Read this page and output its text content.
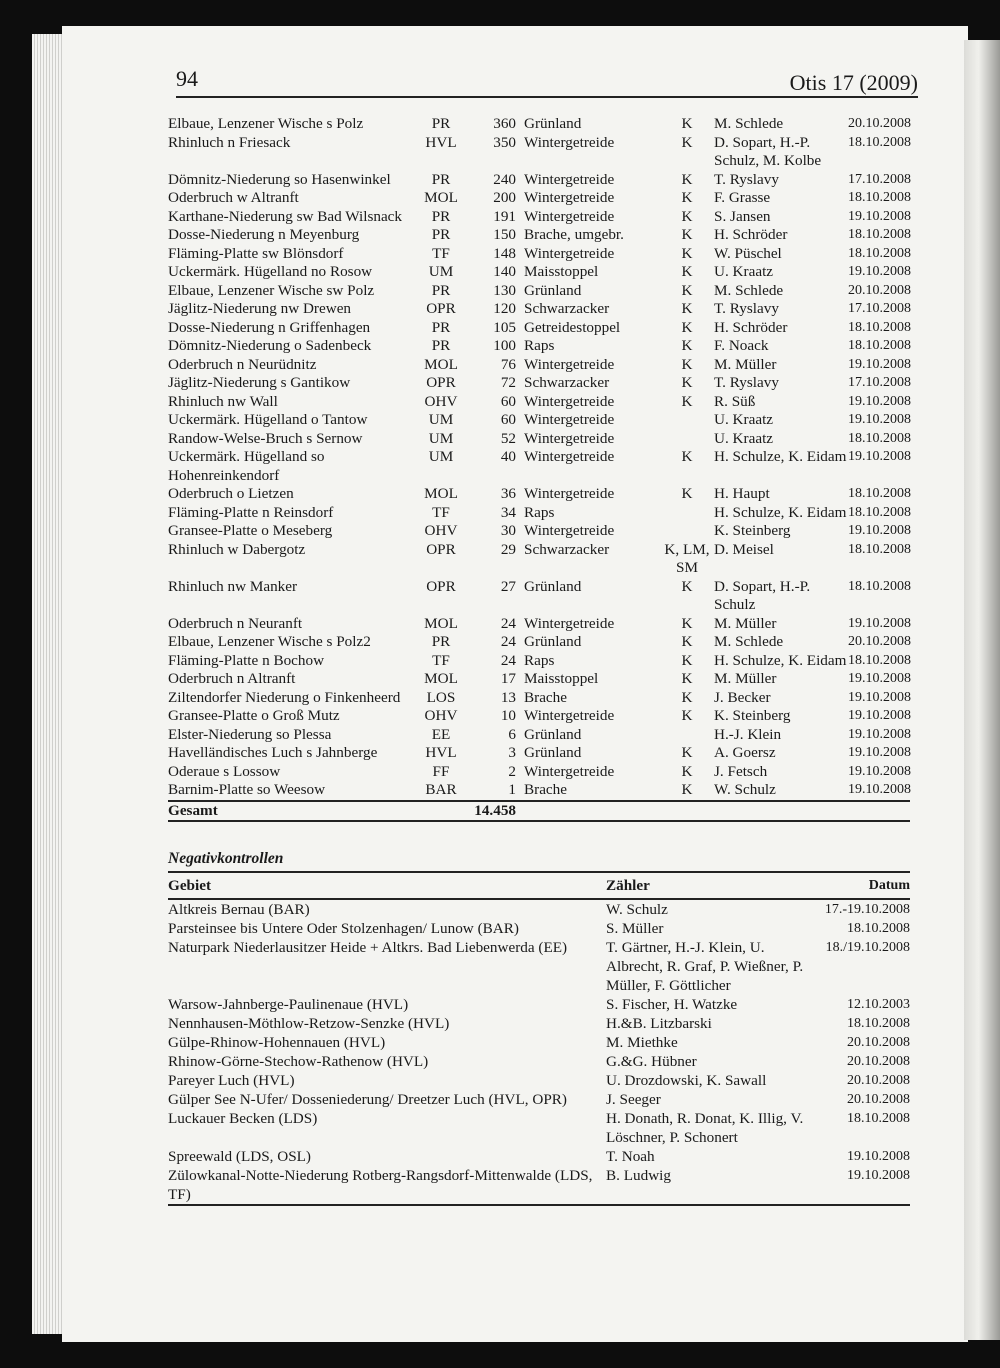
94	Otis 17 (2009)
Elbaue, Lenzener Wische s Polz	PR	360	Grünland	K	M. Schlede	20.10.2008
Rhinluch n Friesack	HVL	350	Wintergetreide	K	D. Sopart, H.-P. Schulz, M. Kolbe	18.10.2008
Dömnitz-Niederung so Hasenwinkel	PR	240	Wintergetreide	K	T. Ryslavy	17.10.2008
Oderbruch w Altranft	MOL	200	Wintergetreide	K	F. Grasse	18.10.2008
Karthane-Niederung sw Bad Wilsnack	PR	191	Wintergetreide	K	S. Jansen	19.10.2008
Dosse-Niederung n Meyenburg	PR	150	Brache, umgebr.	K	H. Schröder	18.10.2008
Fläming-Platte sw Blönsdorf	TF	148	Wintergetreide	K	W. Püschel	18.10.2008
Uckermärk. Hügelland no Rosow	UM	140	Maisstoppel	K	U. Kraatz	19.10.2008
Elbaue, Lenzener Wische sw Polz	PR	130	Grünland	K	M. Schlede	20.10.2008
Jäglitz-Niederung nw Drewen	OPR	120	Schwarzacker	K	T. Ryslavy	17.10.2008
Dosse-Niederung n Griffenhagen	PR	105	Getreidestoppel	K	H. Schröder	18.10.2008
Dömnitz-Niederung o Sadenbeck	PR	100	Raps	K	F. Noack	18.10.2008
Oderbruch n Neurüdnitz	MOL	76	Wintergetreide	K	M. Müller	19.10.2008
Jäglitz-Niederung s Gantikow	OPR	72	Schwarzacker	K	T. Ryslavy	17.10.2008
Rhinluch nw Wall	OHV	60	Wintergetreide	K	R. Süß	19.10.2008
Uckermärk. Hügelland o Tantow	UM	60	Wintergetreide		U. Kraatz	19.10.2008
Randow-Welse-Bruch s Sernow	UM	52	Wintergetreide		U. Kraatz	18.10.2008
Uckermärk. Hügelland so Hohenreinkendorf	UM	40	Wintergetreide	K	H. Schulze, K. Eidam	19.10.2008
Oderbruch o Lietzen	MOL	36	Wintergetreide	K	H. Haupt	18.10.2008
Fläming-Platte n Reinsdorf	TF	34	Raps		H. Schulze, K. Eidam	18.10.2008
Gransee-Platte o Meseberg	OHV	30	Wintergetreide		K. Steinberg	19.10.2008
Rhinluch w Dabergotz	OPR	29	Schwarzacker	K, LM, SM	D. Meisel	18.10.2008
Rhinluch nw Manker	OPR	27	Grünland	K	D. Sopart, H.-P. Schulz	18.10.2008
Oderbruch n Neuranft	MOL	24	Wintergetreide	K	M. Müller	19.10.2008
Elbaue, Lenzener Wische s Polz2	PR	24	Grünland	K	M. Schlede	20.10.2008
Fläming-Platte n Bochow	TF	24	Raps	K	H. Schulze, K. Eidam	18.10.2008
Oderbruch n Altranft	MOL	17	Maisstoppel	K	M. Müller	19.10.2008
Ziltendorfer Niederung o Finkenheerd	LOS	13	Brache	K	J. Becker	19.10.2008
Gransee-Platte o Groß Mutz	OHV	10	Wintergetreide	K	K. Steinberg	19.10.2008
Elster-Niederung so Plessa	EE	6	Grünland		H.-J. Klein	19.10.2008
Havelländisches Luch s Jahnberge	HVL	3	Grünland	K	A. Goersz	19.10.2008
Oderaue s Lossow	FF	2	Wintergetreide	K	J. Fetsch	19.10.2008
Barnim-Platte so Weesow	BAR	1	Brache	K	W. Schulz	19.10.2008
Gesamt		14.458				
Negativkontrollen
Gebiet	Zähler	Datum
Altkreis Bernau (BAR)	W. Schulz	17.-19.10.2008
Parsteinsee bis Untere Oder Stolzenhagen/ Lunow (BAR)	S. Müller	18.10.2008
Naturpark Niederlausitzer Heide + Altkrs. Bad Liebenwerda (EE)	T. Gärtner, H.-J. Klein, U. Albrecht, R. Graf, P. Wießner, P. Müller, F. Göttlicher	18./19.10.2008
Warsow-Jahnberge-Paulinenaue (HVL)	S. Fischer, H. Watzke	12.10.2003
Nennhausen-Möthlow-Retzow-Senzke (HVL)	H.&B. Litzbarski	18.10.2008
Gülpe-Rhinow-Hohennauen (HVL)	M. Miethke	20.10.2008
Rhinow-Görne-Stechow-Rathenow (HVL)	G.&G. Hübner	20.10.2008
Pareyer Luch (HVL)	U. Drozdowski, K. Sawall	20.10.2008
Gülper See N-Ufer/ Dosseniederung/ Dreetzer Luch (HVL, OPR)	J. Seeger	20.10.2008
Luckauer Becken (LDS)	H. Donath, R. Donat, K. Illig, V. Löschner, P. Schonert	18.10.2008
Spreewald (LDS, OSL)	T. Noah	19.10.2008
Zülowkanal-Notte-Niederung Rotberg-Rangsdorf-Mittenwalde (LDS, TF)	B. Ludwig	19.10.2008
